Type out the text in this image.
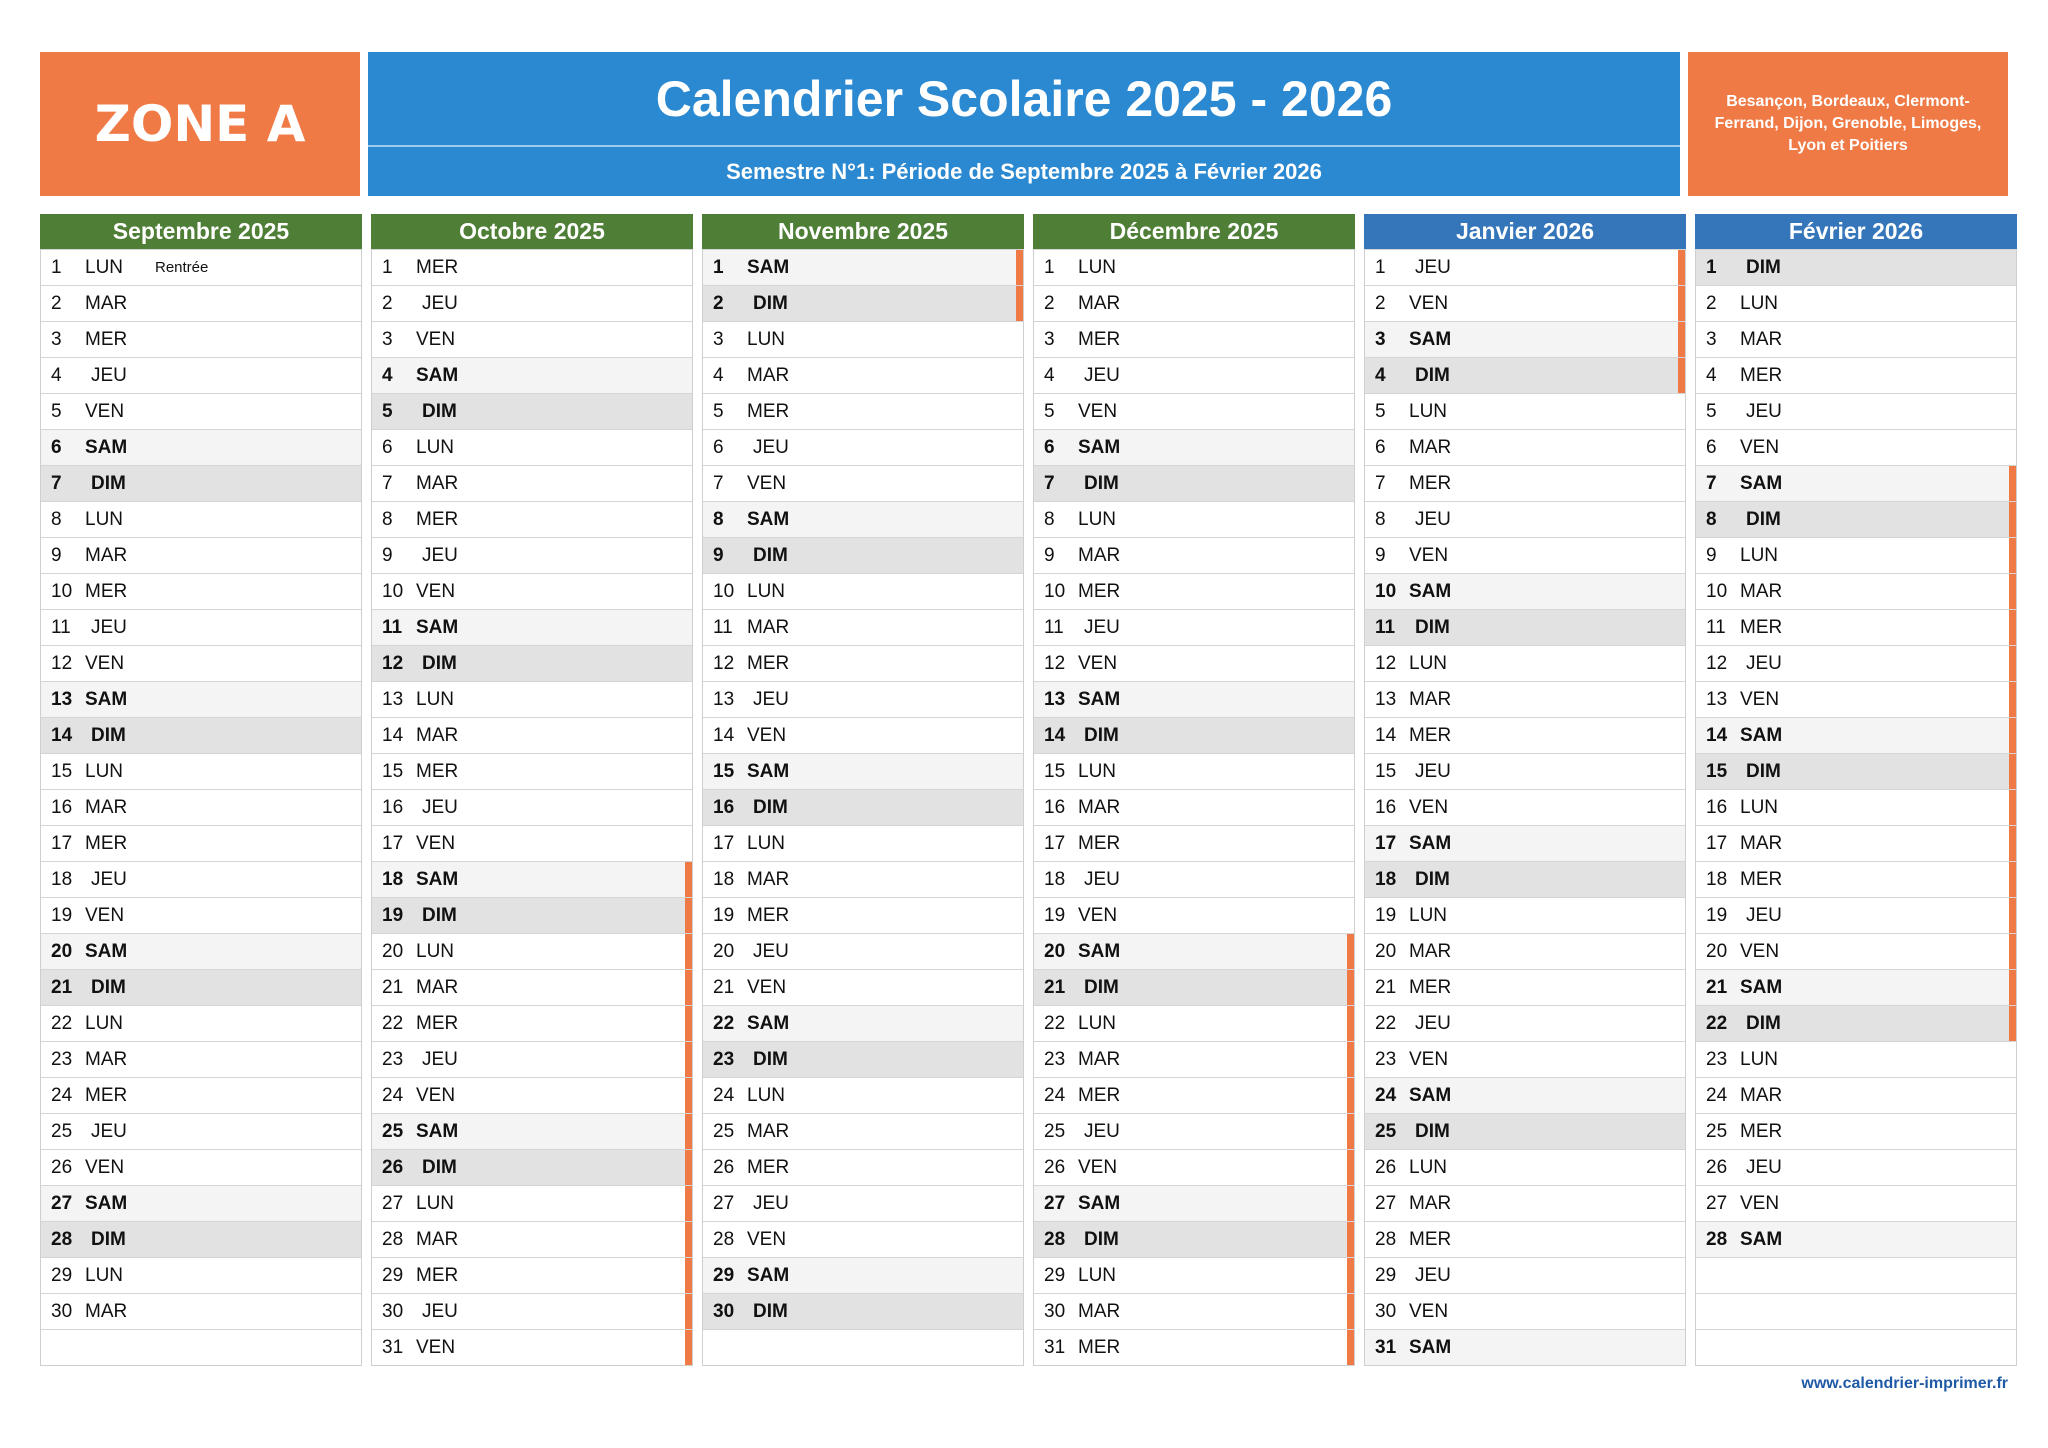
ZONE A	Calendrier Scolaire 2025 - 2026
Semestre N°1: Période de Septembre 2025 à Février 2026
Besançon, Bordeaux, Clermont-Ferrand, Dijon, Grenoble, Limoges, Lyon et Poitiers
Septembre 2025
1	LUN	Rentrée
2	MAR
3	MER
4	JEU
5	VEN
6	SAM
7	DIM
8	LUN
9	MAR
10 MER
11	JEU
12 VEN
13 SAM
14 DIM
15 LUN
16 MAR
17 MER
18 JEU
19 VEN
20 SAM
21 DIM
22 LUN
23 MAR
24 MER
25 JEU
26 VEN
27 SAM
28 DIM
29 LUN
30 MAR
Octobre 2025
1	MER
2	JEU
3	VEN
4	SAM
5	DIM
6	LUN
7	MAR
8	MER
9	JEU
10 VEN
11 SAM
12 DIM
13 LUN
14 MAR
15 MER
16 JEU
17 VEN
18 SAM
19 DIM
20 LUN
21 MAR
22 MER
23 JEU
24 VEN
25 SAM
26 DIM
27 LUN
28 MAR
29 MER
30 JEU
31 VEN
Novembre 2025
1	SAM
2	DIM
3	LUN
4	MAR
5	MER
6	JEU
7	VEN
8	SAM
9	DIM
10 LUN
11 MAR
12 MER
13 JEU
14 VEN
15 SAM
16 DIM
17 LUN
18 MAR
19 MER
20 JEU
21 VEN
22 SAM
23 DIM
24 LUN
25 MAR
26 MER
27 JEU
28 VEN
29 SAM
30 DIM
Décembre 2025
1	LUN
2	MAR
3	MER
4	JEU
5	VEN
6	SAM
7	DIM
8	LUN
9	MAR
10 MER
11	JEU
12 VEN
13 SAM
14 DIM
15 LUN
16 MAR
17 MER
18 JEU
19 VEN
20 SAM
21 DIM
22 LUN
23 MAR
24 MER
25 JEU
26 VEN
27 SAM
28 DIM
29 LUN
30 MAR
31 MER
Janvier 2026
1	JEU
2	VEN
3	SAM
4	DIM
5	LUN
6	MAR
7	MER
8	JEU
9	VEN
10 SAM
11	DIM
12 LUN
13 MAR
14 MER
15 JEU
16 VEN
17 SAM
18 DIM
19 LUN
20 MAR
21 MER
22 JEU
23 VEN
24 SAM
25 DIM
26 LUN
27 MAR
28 MER
29 JEU
30 VEN
31 SAM
Février 2026
1	DIM
2	LUN
3	MAR
4	MER
5	JEU
6	VEN
7	SAM
8	DIM
9	LUN
10 MAR
11 MER
12 JEU
13 VEN
14 SAM
15 DIM
16 LUN
17 MAR
18 MER
19 JEU
20 VEN
21 SAM
22 DIM
23 LUN
24 MAR
25 MER
26 JEU
27 VEN
28 SAM
www.calendrier-imprimer.fr
